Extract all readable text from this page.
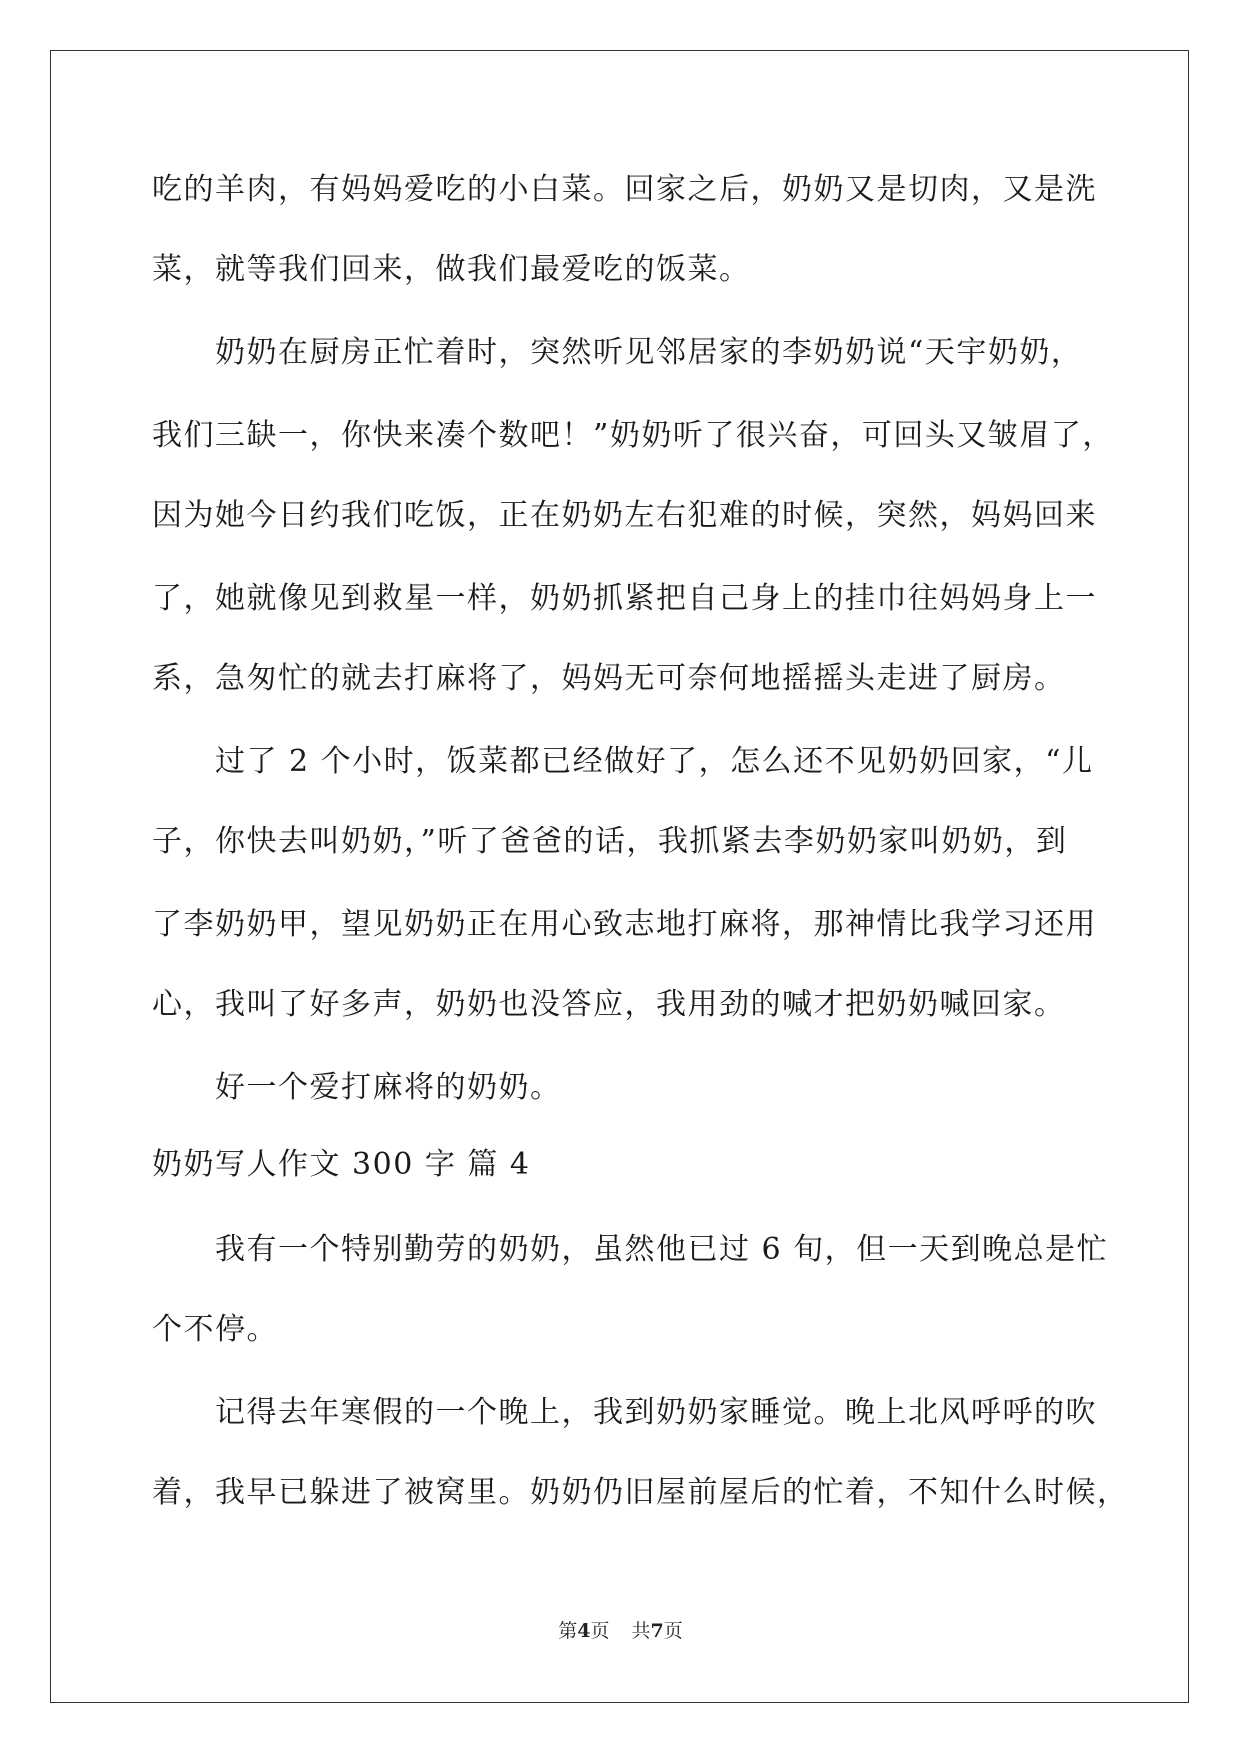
吃的羊肉，有妈妈爱吃的小白菜。回家之后，奶奶又是切肉，又是洗
菜，就等我们回来，做我们最爱吃的饭菜。
　　奶奶在厨房正忙着时，突然听见邻居家的李奶奶说“天宇奶奶，
我们三缺一，你快来凑个数吧！”奶奶听了很兴奋，可回头又皱眉了，
因为她今日约我们吃饭，正在奶奶左右犯难的时候，突然，妈妈回来
了，她就像见到救星一样，奶奶抓紧把自己身上的挂巾往妈妈身上一
系，急匆忙的就去打麻将了，妈妈无可奈何地摇摇头走进了厨房。
　　过了 2 个小时，饭菜都已经做好了，怎么还不见奶奶回家，“儿
子，你快去叫奶奶，”听了爸爸的话，我抓紧去李奶奶家叫奶奶，到
了李奶奶甲，望见奶奶正在用心致志地打麻将，那神情比我学习还用
心，我叫了好多声，奶奶也没答应，我用劲的喊才把奶奶喊回家。
　　好一个爱打麻将的奶奶。
奶奶写人作文 300 字 篇 4
　　我有一个特别勤劳的奶奶，虽然他已过 6 旬，但一天到晚总是忙
个不停。
　　记得去年寒假的一个晚上，我到奶奶家睡觉。晚上北风呼呼的吹
着，我早已躲进了被窝里。奶奶仍旧屋前屋后的忙着，不知什么时候，
第4页 共7页
